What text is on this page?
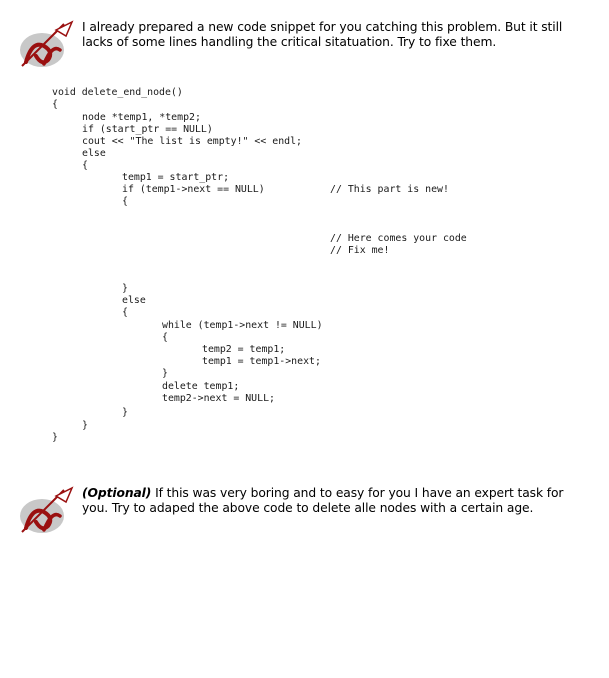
I already prepared a new code snippet for you catching this problem. But it still lacks of some lines handling the critical sitatuation. Try to fixe them.
void delete_end_node()
{
node *temp1, *temp2;
if (start_ptr == NULL)
cout << "The list is empty!" << endl;
else
{
temp1 = start_ptr;
if (temp1->next == NULL)	// This part is new!
{
// Here comes your code
// Fix me!
}
else
{
while (temp1->next != NULL)
{
temp2 = temp1;
temp1 = temp1->next;
}
delete temp1;
temp2->next = NULL;
}
}
}
(Optional) If this was very boring and to easy for you I have an expert task for you. Try to adaped the above code to delete alle nodes with a certain age.
